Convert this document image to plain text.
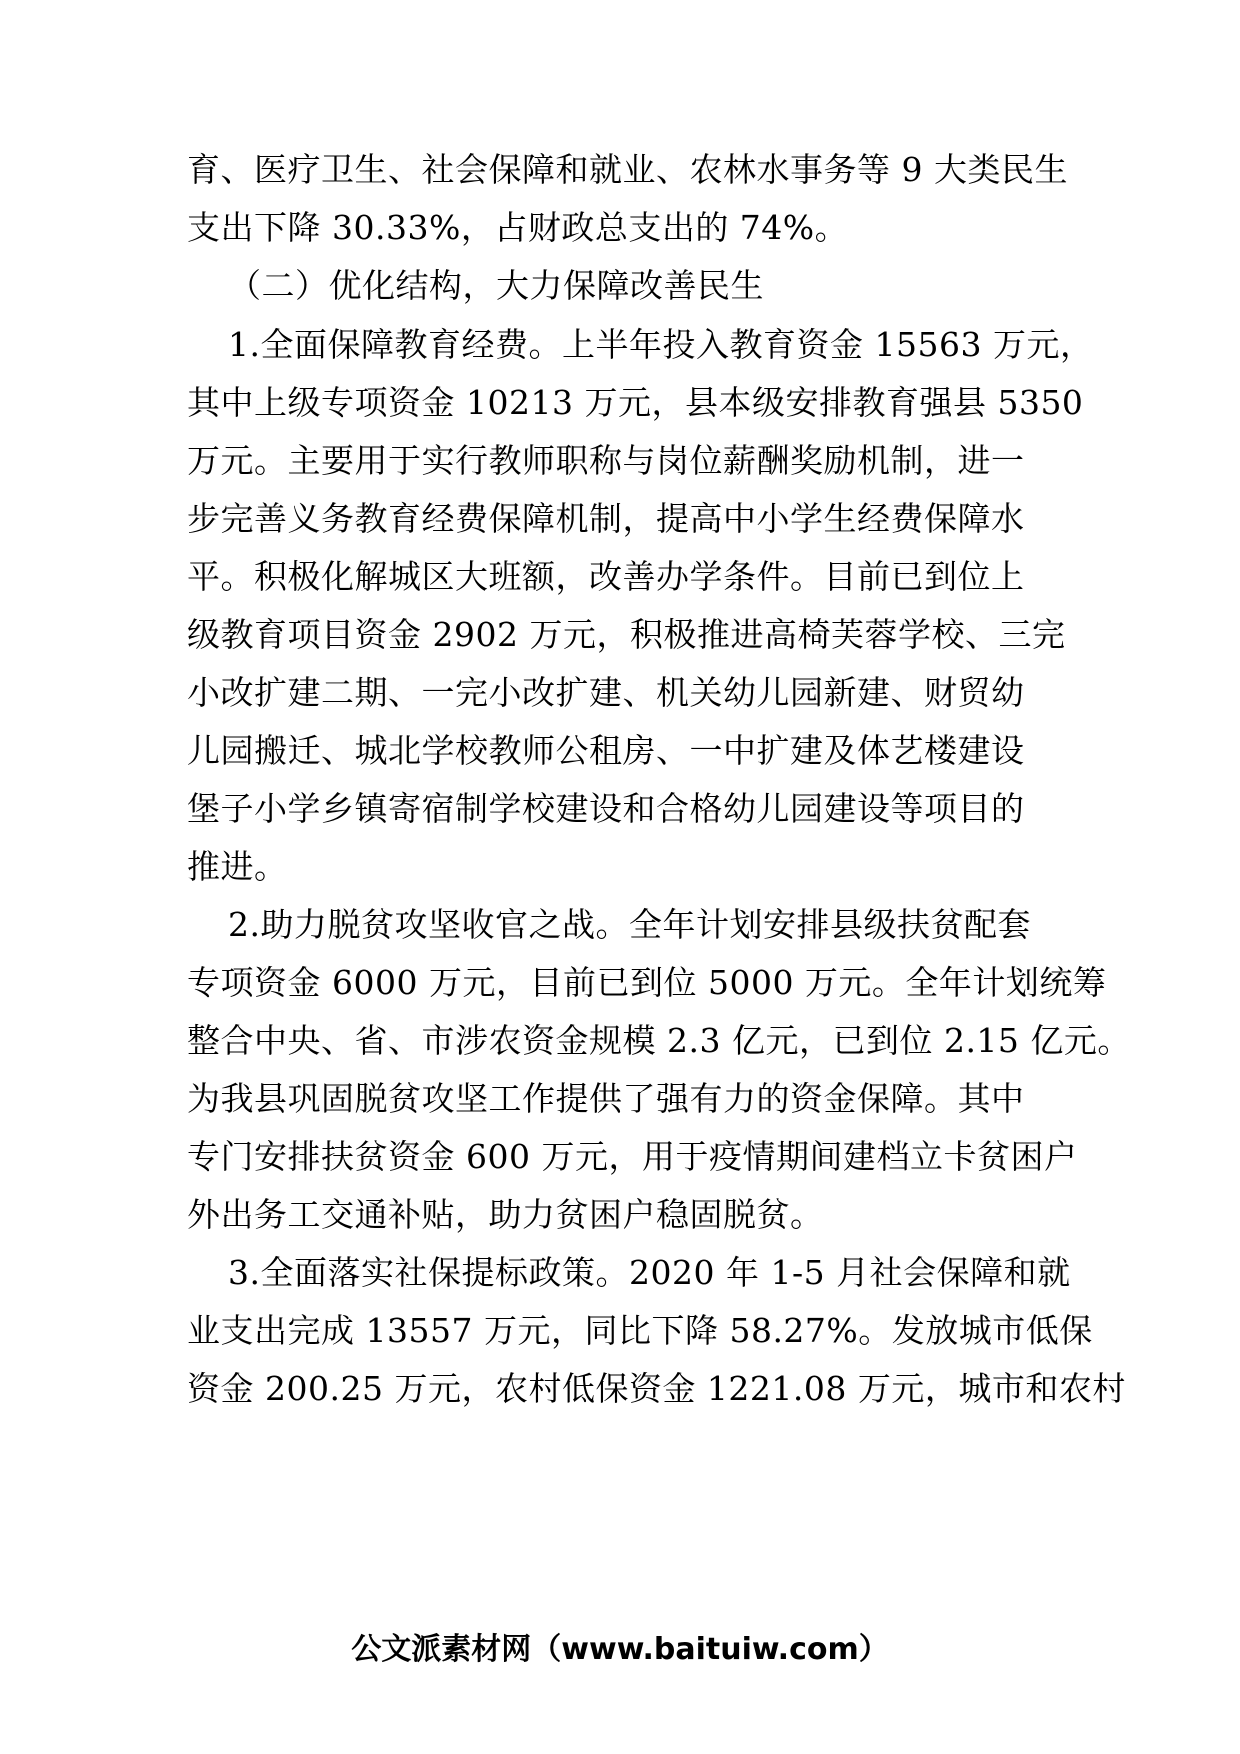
育、医疗卫生、社会保障和就业、农林水事务等 9 大类民生
支出下降 30.33%，占财政总支出的 74%。
（二）优化结构，大力保障改善民生
1.全面保障教育经费。上半年投入教育资金 15563 万元，
其中上级专项资金 10213 万元，县本级安排教育强县 5350
万元。主要用于实行教师职称与岗位薪酬奖励机制，进一
步完善义务教育经费保障机制，提高中小学生经费保障水
平。积极化解城区大班额，改善办学条件。目前已到位上
级教育项目资金 2902 万元，积极推进高椅芙蓉学校、三完
小改扩建二期、一完小改扩建、机关幼儿园新建、财贸幼
儿园搬迁、城北学校教师公租房、一中扩建及体艺楼建设
堡子小学乡镇寄宿制学校建设和合格幼儿园建设等项目的
推进。
2.助力脱贫攻坚收官之战。全年计划安排县级扶贫配套
专项资金 6000 万元，目前已到位 5000 万元。全年计划统筹
整合中央、省、市涉农资金规模 2.3 亿元，已到位 2.15 亿元。
为我县巩固脱贫攻坚工作提供了强有力的资金保障。其中
专门安排扶贫资金 600 万元，用于疫情期间建档立卡贫困户
外出务工交通补贴，助力贫困户稳固脱贫。
3.全面落实社保提标政策。2020 年 1-5 月社会保障和就
业支出完成 13557 万元，同比下降 58.27%。发放城市低保
资金 200.25 万元，农村低保资金 1221.08 万元，城市和农村
公文派素材网（www.baituiw.com）
